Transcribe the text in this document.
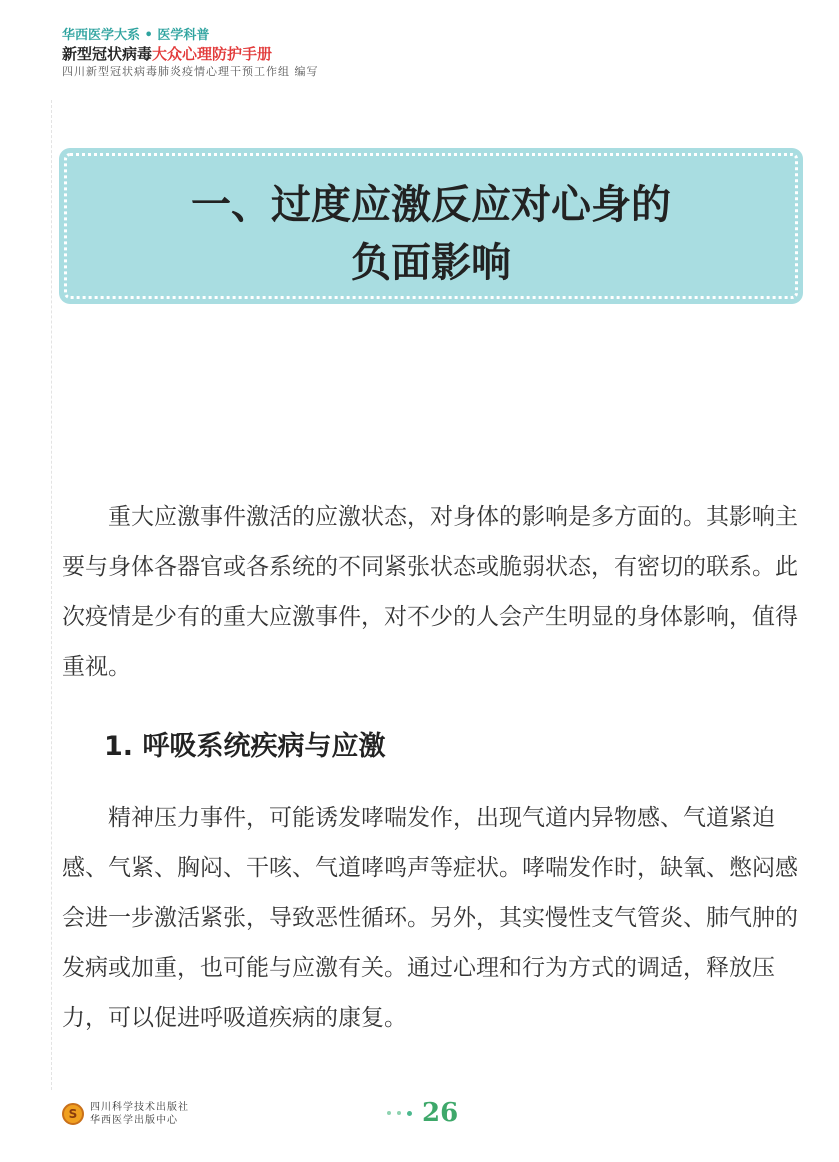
华西医学大系 • 医学科普
新型冠状病毒大众心理防护手册
四川新型冠状病毒肺炎疫情心理干预工作组 编写
一、过度应激反应对心身的
负面影响

重大应激事件激活的应激状态，对身体的影响是多方面的。其影响主要与身体各器官或各系统的不同紧张状态或脆弱状态，有密切的联系。此次疫情是少有的重大应激事件，对不少的人会产生明显的身体影响，值得重视。

1. 呼吸系统疾病与应激

精神压力事件，可能诱发哮喘发作，出现气道内异物感、气道紧迫感、气紧、胸闷、干咳、气道哮鸣声等症状。哮喘发作时，缺氧、憋闷感会进一步激活紧张，导致恶性循环。另外，其实慢性支气管炎、肺气肿的发病或加重，也可能与应激有关。通过心理和行为方式的调适，释放压力，可以促进呼吸道疾病的康复。

S	四川科学技术出版社
华西医学出版中心	26
